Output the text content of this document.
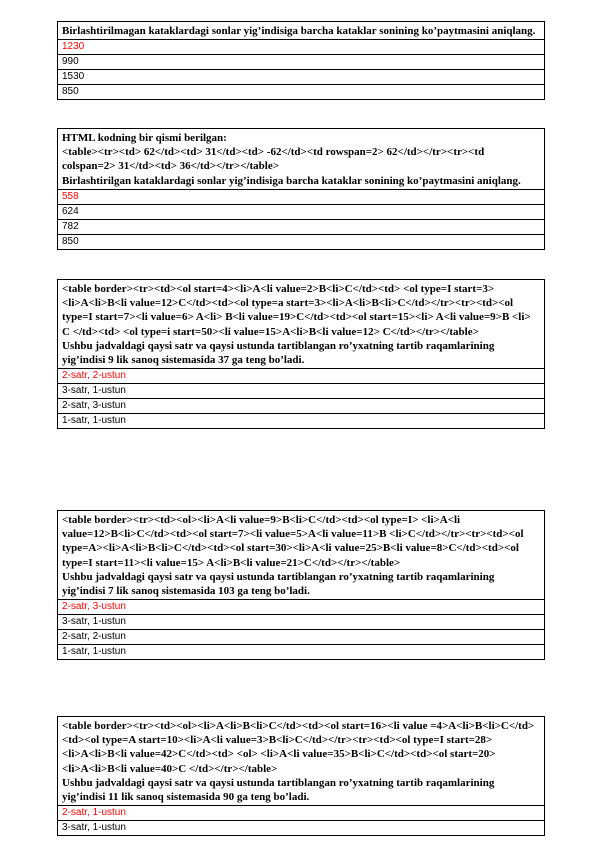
Birlashtirilmagan kataklardagi sonlar yig’indisiga barcha kataklar sonining ko’paytmasini aniqlang.
1230
990
1530
850
HTML kodning bir qismi berilgan:
<table><tr><td> 62</td><td> 31</td><td> -62</td><td rowspan=2> 62</td></tr><tr><td colspan=2> 31</td><td> 36</td></tr></table>
Birlashtirilgan kataklardagi sonlar yig’indisiga barcha kataklar sonining ko’paytmasini aniqlang.
558
624
782
850
<table border><tr><td><ol start=4><li>A<li value=2>B<li>C</td><td> <ol type=I start=3><li>A<li>B<li value=12>C</td><td><ol type=a start=3><li>A<li>B<li>C</td></tr><tr><td><ol type=I start=7><li value=6> A<li> B<li value=19>C</td><td><ol start=15><li> A<li value=9>B <li> C </td><td> <ol type=i start=50><li value=15>A<li>B<li value=12> C</td></tr></table>
Ushbu jadvaldagi qaysi satr va qaysi ustunda tartiblangan ro’yxatning tartib raqamlarining yig’indisi 9 lik sanoq sistemasida 37 ga teng bo’ladi.
2-satr, 2-ustun
3-satr, 1-ustun
2-satr, 3-ustun
1-satr, 1-ustun
<table border><tr><td><ol><li>A<li value=9>B<li>C</td><td><ol type=I> <li>A<li value=12>B<li>C</td><td><ol start=7><li value=5>A<li value=11>B <li>C</td></tr><tr><td><ol type=A><li>A<li>B<li>C</td><td><ol start=30><li>A<li value=25>B<li value=8>C</td><td><ol type=I start=11><li value=15> A<li>B<li value=21>C</td></tr></table>
Ushbu jadvaldagi qaysi satr va qaysi ustunda tartiblangan ro’yxatning tartib raqamlarining yig’indisi 7 lik sanoq sistemasida 103 ga teng bo’ladi.
2-satr, 3-ustun
3-satr, 1-ustun
2-satr, 2-ustun
1-satr, 1-ustun
<table border><tr><td><ol><li>A<li>B<li>C</td><td><ol start=16><li value =4>A<li>B<li>C</td><td><ol type=A start=10><li>A<li value=3>B<li>C</td></tr><tr><td><ol type=I start=28><li>A<li>B<li value=42>C</td><td> <ol> <li>A<li value=35>B<li>C</td><td><ol start=20><li>A<li>B<li value=40>C </td></tr></table>
Ushbu jadvaldagi qaysi satr va qaysi ustunda tartiblangan ro’yxatning tartib raqamlarining yig’indisi 11 lik sanoq sistemasida 90 ga teng bo’ladi.
2-satr, 1-ustun
3-satr, 1-ustun
